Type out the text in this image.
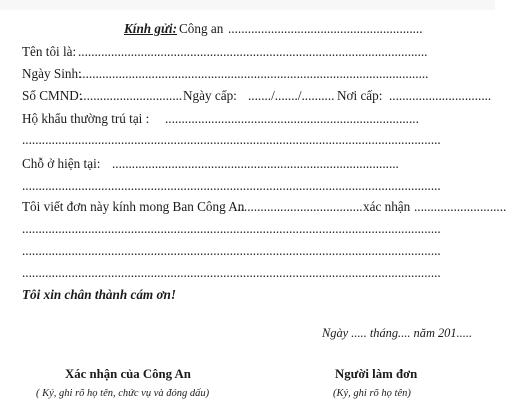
Kính gửi: Công an ...........................................................
Tên tôi là: ..........................................................................................................
Ngày Sinh:
..........................................................................................................
Số CMND:
............................... Ngày cấp: ......./......./.......... Nơi cấp: ...............................
Hộ khẩu thường trú tại : .............................................................................
...............................................................................................................................
Chỗ ở hiện tại: .......................................................................................
...............................................................................................................................
Tôi viết đơn này kính mong Ban Công An
....................................... xác nhận ............................
...............................................................................................................................
...............................................................................................................................
...............................................................................................................................
Tôi xin chân thành cám ơn!
Ngày ..... tháng.... năm 201.....
Xác nhận của Công An
( Ký, ghi rõ họ tên, chức vụ và đóng dấu)
Người làm đơn
(Ký, ghi rõ họ tên)
